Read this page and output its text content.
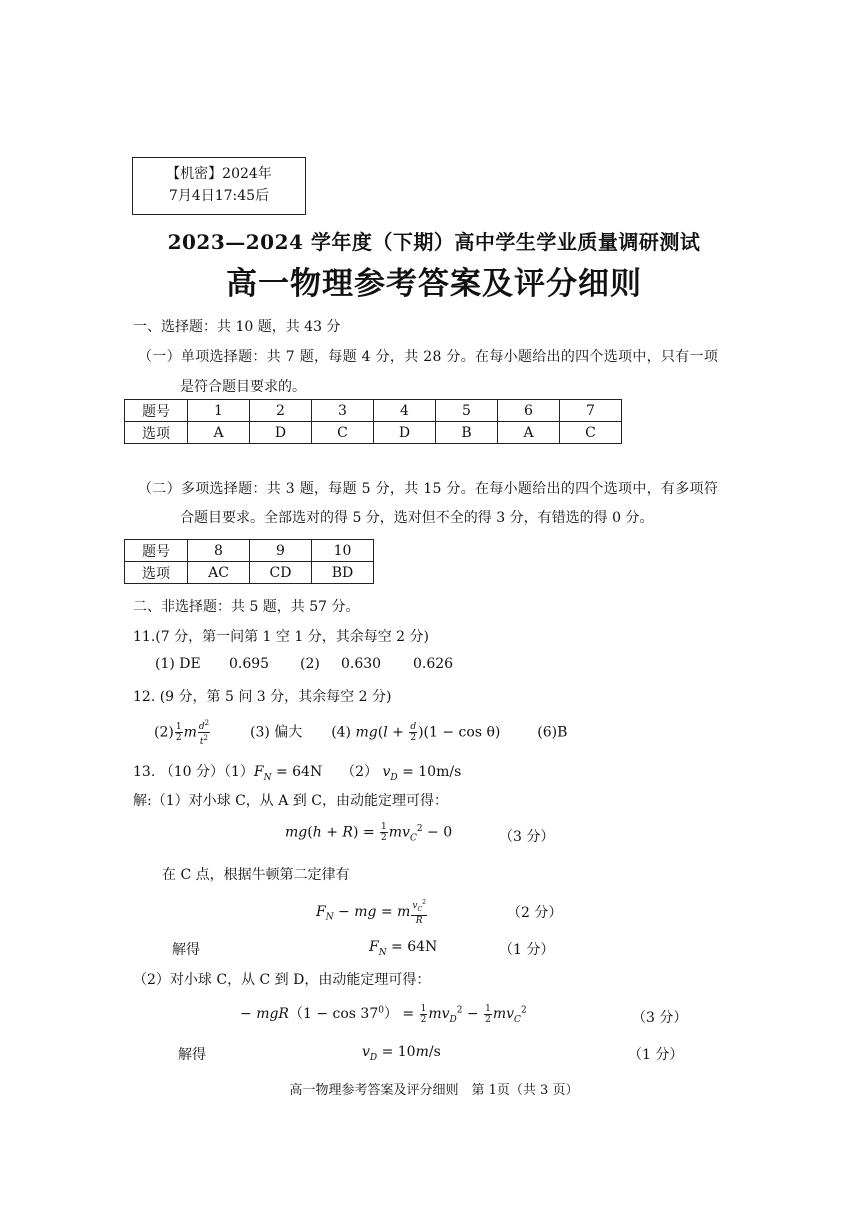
【机密】2024年
7月4日17:45后
2023—2024 学年度（下期）高中学生学业质量调研测试
高一物理参考答案及评分细则
一、选择题：共 10 题，共 43 分
（一）单项选择题：共 7 题，每题 4 分，共 28 分。在每小题给出的四个选项中，只有一项
是符合题目要求的。
题号	1	2	3	4	5	6	7
选项	A	D	C	D	B	A	C
（二）多项选择题：共 3 题，每题 5 分，共 15 分。在每小题给出的四个选项中，有多项符
合题目要求。全部选对的得 5 分，选对但不全的得 3 分，有错选的得 0 分。
题号	8	9	10
选项	AC	CD	BD
二、非选择题：共 5 题，共 57 分。
11.(7 分，第一问第 1 空 1 分，其余每空 2 分)
(1) DE 0.695 (2) 0.630 0.626
12. (9 分，第 5 问 3 分，其余每空 2 分)
$(2) \frac{1}{2}$ m $\frac{d^2}{t^2}$	(3) 偏大 (4) $mg(l + \frac{d}{2} )(1 - \cos \theta)$  (6)B
13. （10 分）$(1)F_N = 64N$ （2） $v_D = 10m/s$
解:（1）对小球 C，从 A 到 C，由动能定理可得：
$mg(h + R) = \frac{1}{2} mv_C^2 - 0$	（3 分）
在 C 点，根据牛顿第二定律有
$F_N$ − mg = m $\frac{v_C^2}{R}$	（2 分）
解得	$F_N = 64N$	（1 分）
（2）对小球 C，从 C 到 D，由动能定理可得：
− $mgR(1 - \cos 37^0) = \frac{1}{2} mv_D^2 - \frac{1}{2} mv_C^2$	（3 分）
解得	$v_D = 10m/s$	（1 分）
高一物理参考答案及评分细则　第 1页（共 3 页）
